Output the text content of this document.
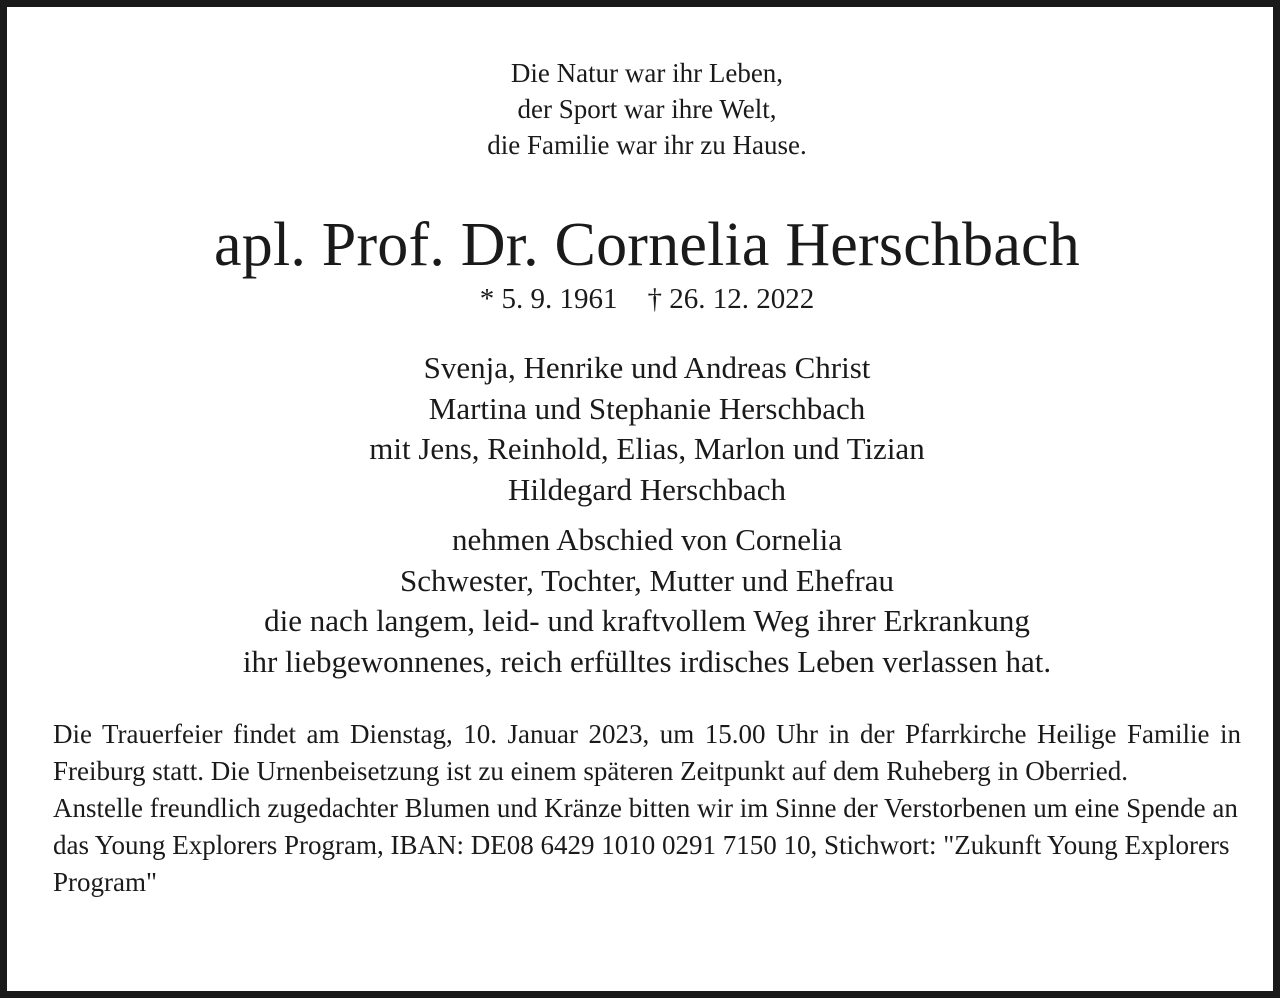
Die Natur war ihr Leben,
der Sport war ihre Welt,
die Familie war ihr zu Hause.
apl. Prof. Dr. Cornelia Herschbach
* 5. 9. 1961 † 26. 12. 2022
Svenja, Henrike und Andreas Christ
Martina und Stephanie Herschbach
mit Jens, Reinhold, Elias, Marlon und Tizian
Hildegard Herschbach
nehmen Abschied von Cornelia
Schwester, Tochter, Mutter und Ehefrau
die nach langem, leid- und kraftvollem Weg ihrer Erkrankung
ihr liebgewonnenes, reich erfülltes irdisches Leben verlassen hat.

Die Trauerfeier findet am Dienstag, 10. Januar 2023, um 15.00 Uhr in der Pfarrkirche Heilige Familie in Freiburg statt. Die Urnenbeisetzung ist zu einem späteren Zeitpunkt auf dem Ruheberg in Oberried.

Anstelle freundlich zugedachter Blumen und Kränze bitten wir im Sinne der Verstorbenen um eine Spende an das Young Explorers Program, IBAN: DE08 6429 1010 0291 7150 10, Stichwort: "Zukunft Young Explorers Program"
